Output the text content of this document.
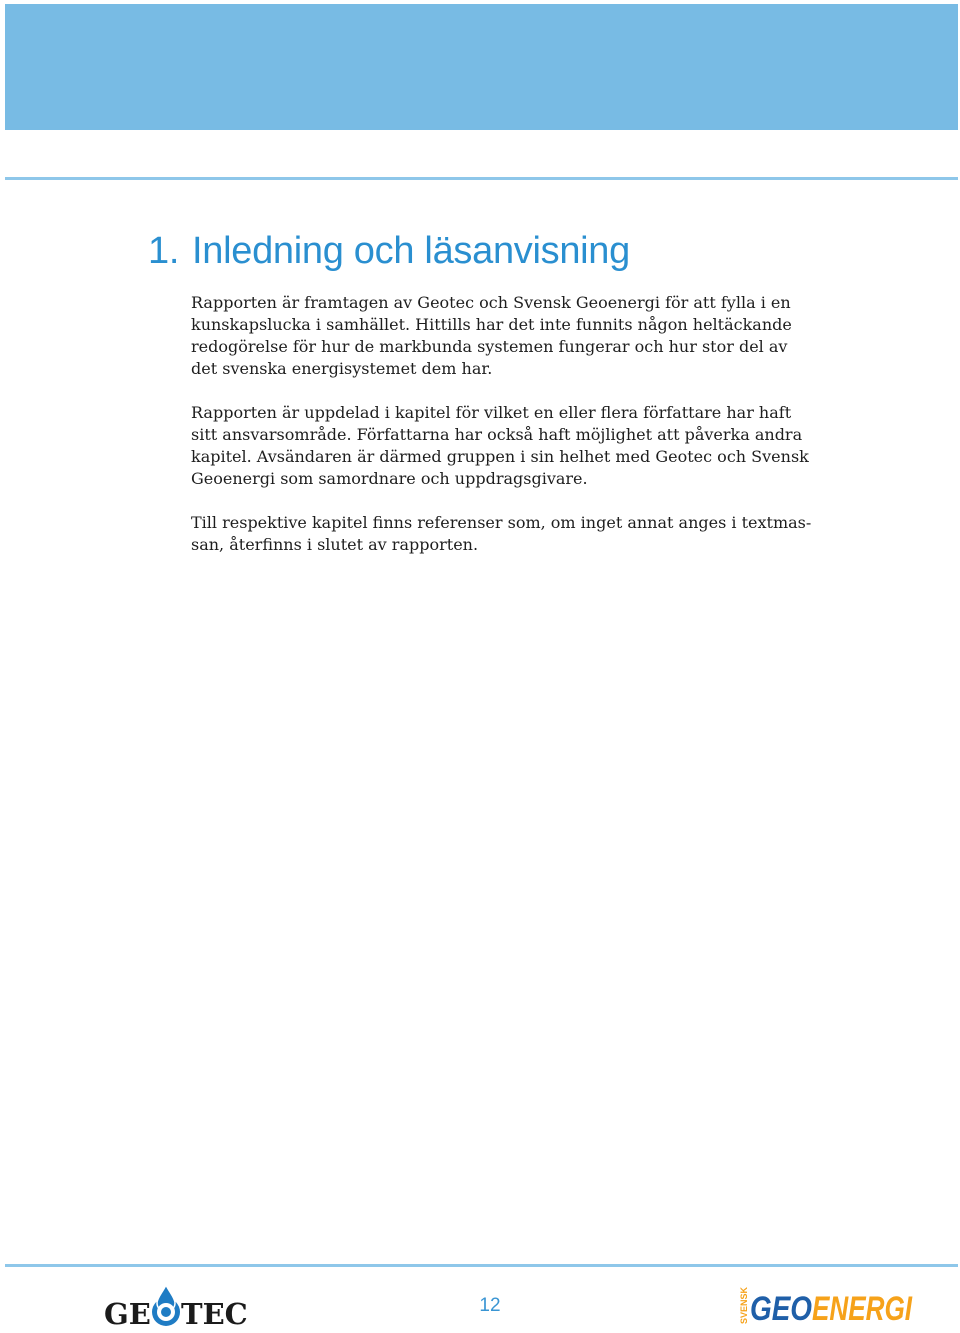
1. Inledning och läsanvisning

Rapporten är framtagen av Geotec och Svensk Geoenergi för att fylla i en
kunskapslucka i samhället. Hittills har det inte funnits någon heltäckande
redogörelse för hur de markbunda systemen fungerar och hur stor del av
det svenska energisystemet dem har.

Rapporten är uppdelad i kapitel för vilket en eller flera författare har haft
sitt ansvarsområde. Författarna har också haft möjlighet att påverka andra
kapitel. Avsändaren är därmed gruppen i sin helhet med Geotec och Svensk
Geoenergi som samordnare och uppdragsgivare.

Till respektive kapitel finns referenser som, om inget annat anges i textmas-
san, återfinns i slutet av rapporten.

GE TEC	12	SVENSK GEO ENERGI
